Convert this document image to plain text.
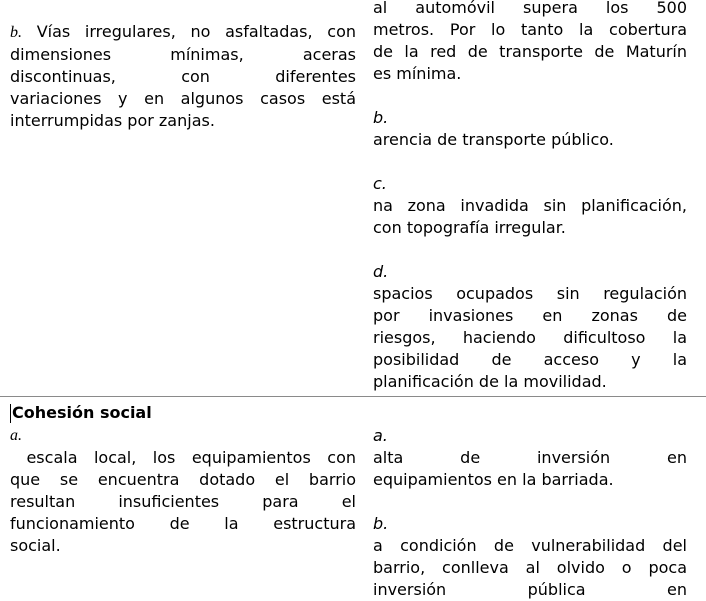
b. Vías irregulares, no asfaltadas, con

dimensiones mínimas, aceras

discontinuas, con diferentes

variaciones y en algunos casos está

interrumpidas por zanjas.

al automóvil supera los 500

metros. Por lo tanto la cobertura

de la red de transporte de Maturín

es mínima.

b.

arencia de transporte público.

c.

na zona invadida sin planificación,

con topografía irregular.

d.

spacios ocupados sin regulación

por invasiones en zonas de

riesgos, haciendo dificultoso la

posibilidad de acceso y la

planificación de la movilidad.

Cohesión social

a.

escala local, los equipamientos con

que se encuentra dotado el barrio

resultan insuficientes para el

funcionamiento de la estructura

social.

a.

alta de inversión en

equipamientos en la barriada.

b.

a condición de vulnerabilidad del

barrio, conlleva al olvido o poca

inversión pública en
